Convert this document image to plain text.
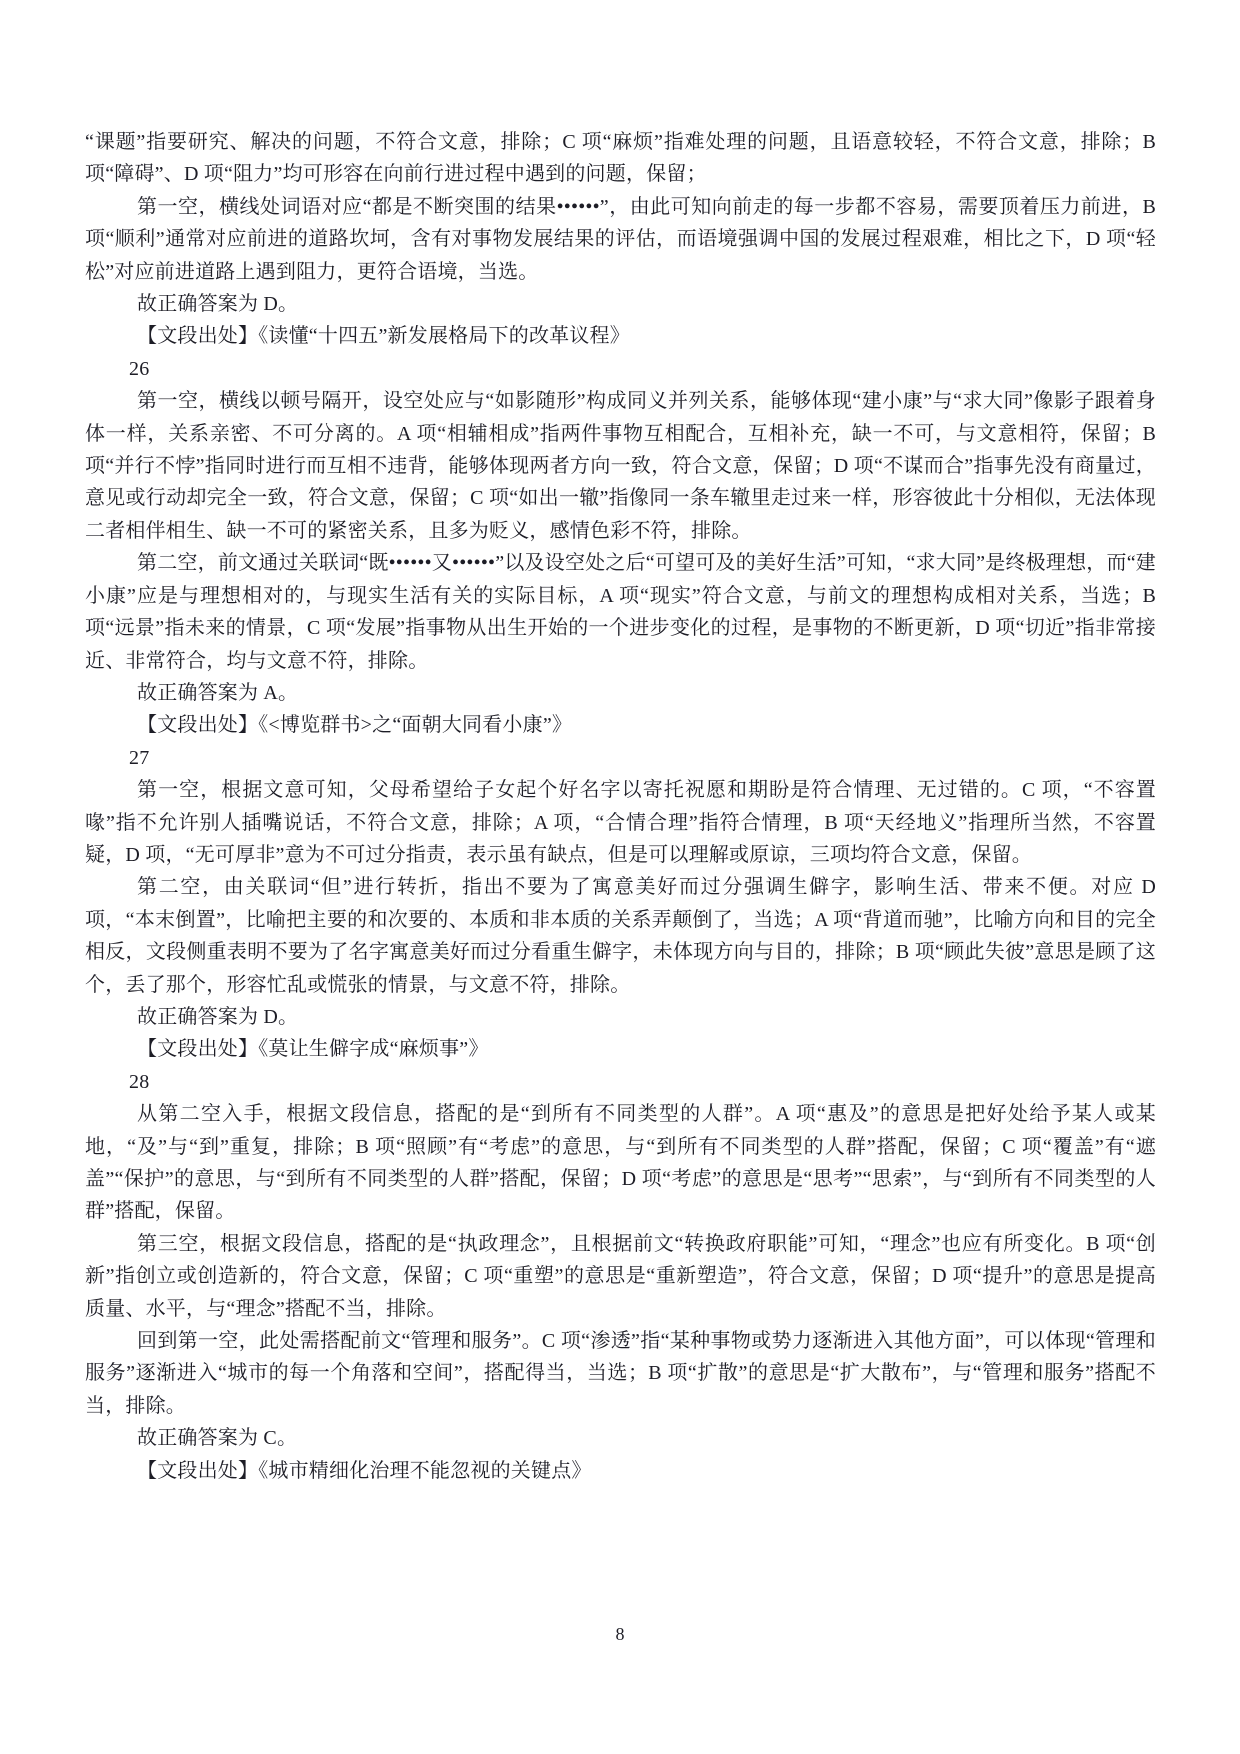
“课题”指要研究、解决的问题，不符合文意，排除；C 项“麻烦”指难处理的问题，且语意较轻，不符合文意，排除；B 项“障碍”、D 项“阻力”均可形容在向前行进过程中遇到的问题，保留；

第一空，横线处词语对应“都是不断突围的结果••••••”，由此可知向前走的每一步都不容易，需要顶着压力前进，B 项“顺利”通常对应前进的道路坎坷，含有对事物发展结果的评估，而语境强调中国的发展过程艰难，相比之下，D 项“轻松”对应前进道路上遇到阻力，更符合语境，当选。

故正确答案为 D。

【文段出处】《读懂“十四五”新发展格局下的改革议程》

26

第一空，横线以顿号隔开，设空处应与“如影随形”构成同义并列关系，能够体现“建小康”与“求大同”像影子跟着身体一样，关系亲密、不可分离的。A 项“相辅相成”指两件事物互相配合，互相补充，缺一不可，与文意相符，保留；B 项“并行不悖”指同时进行而互相不违背，能够体现两者方向一致，符合文意，保留；D 项“不谋而合”指事先没有商量过，意见或行动却完全一致，符合文意，保留；C 项“如出一辙”指像同一条车辙里走过来一样，形容彼此十分相似，无法体现二者相伴相生、缺一不可的紧密关系，且多为贬义，感情色彩不符，排除。

第二空，前文通过关联词“既••••••又••••••”以及设空处之后“可望可及的美好生活”可知，“求大同”是终极理想，而“建小康”应是与理想相对的，与现实生活有关的实际目标，A 项“现实”符合文意，与前文的理想构成相对关系，当选；B 项“远景”指未来的情景，C 项“发展”指事物从出生开始的一个进步变化的过程，是事物的不断更新，D 项“切近”指非常接近、非常符合，均与文意不符，排除。

故正确答案为 A。

【文段出处】《<博览群书>之“面朝大同看小康”》

27

第一空，根据文意可知，父母希望给子女起个好名字以寄托祝愿和期盼是符合情理、无过错的。C 项，“不容置喙”指不允许别人插嘴说话，不符合文意，排除；A 项，“合情合理”指符合情理，B 项“天经地义”指理所当然，不容置疑，D 项，“无可厚非”意为不可过分指责，表示虽有缺点，但是可以理解或原谅，三项均符合文意，保留。

第二空，由关联词“但”进行转折，指出不要为了寓意美好而过分强调生僻字，影响生活、带来不便。对应 D 项，“本末倒置”，比喻把主要的和次要的、本质和非本质的关系弄颠倒了，当选；A 项“背道而驰”，比喻方向和目的完全相反，文段侧重表明不要为了名字寓意美好而过分看重生僻字，未体现方向与目的，排除；B 项“顾此失彼”意思是顾了这个，丢了那个，形容忙乱或慌张的情景，与文意不符，排除。

故正确答案为 D。

【文段出处】《莫让生僻字成“麻烦事”》

28

从第二空入手，根据文段信息，搭配的是“到所有不同类型的人群”。A 项“惠及”的意思是把好处给予某人或某地，“及”与“到”重复，排除；B 项“照顾”有“考虑”的意思，与“到所有不同类型的人群”搭配，保留；C 项“覆盖”有“遮盖”“保护”的意思，与“到所有不同类型的人群”搭配，保留；D 项“考虑”的意思是“思考”“思索”，与“到所有不同类型的人群”搭配，保留。

第三空，根据文段信息，搭配的是“执政理念”，且根据前文“转换政府职能”可知，“理念”也应有所变化。B 项“创新”指创立或创造新的，符合文意，保留；C 项“重塑”的意思是“重新塑造”，符合文意，保留；D 项“提升”的意思是提高质量、水平，与“理念”搭配不当，排除。

回到第一空，此处需搭配前文“管理和服务”。C 项“渗透”指“某种事物或势力逐渐进入其他方面”，可以体现“管理和服务”逐渐进入“城市的每一个角落和空间”，搭配得当，当选；B 项“扩散”的意思是“扩大散布”，与“管理和服务”搭配不当，排除。

故正确答案为 C。

【文段出处】《城市精细化治理不能忽视的关键点》

8
